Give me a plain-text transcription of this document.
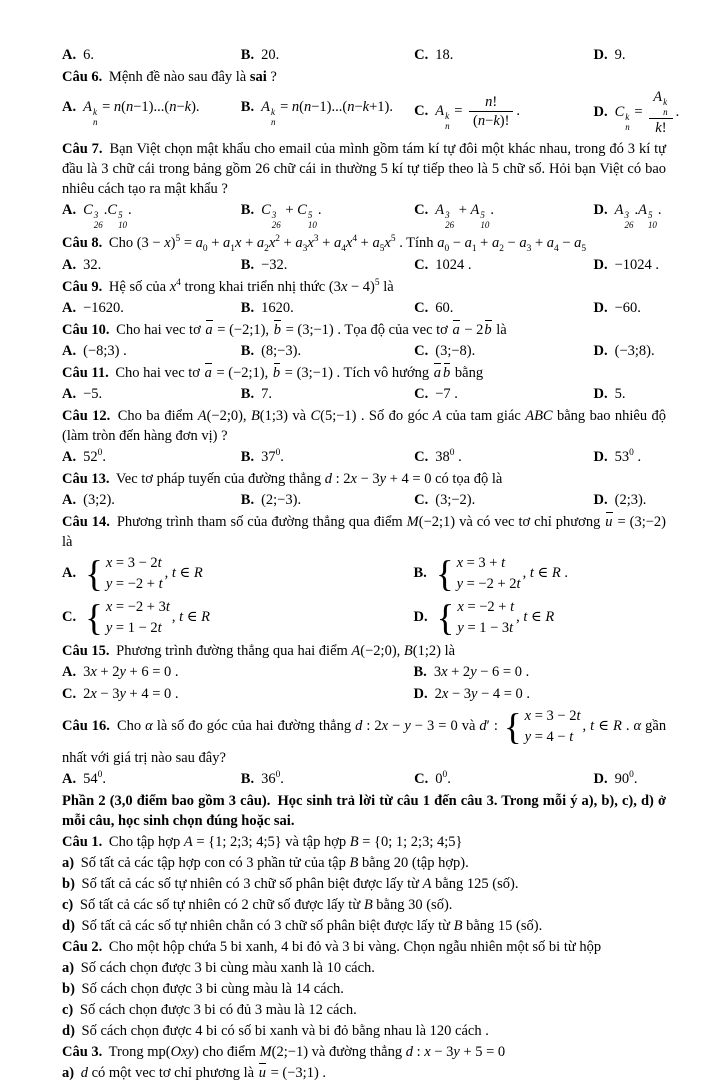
A. 6.	B. 20.	C. 18.	D. 9.

Câu 6. Mệnh đề nào sau đây là sai ?

A. A k
n
= n(n−1)...(n−k).	B. A k
n
= n(n−1)...(n−k+1).	C. A k
n
= $\frac{n!}{(n-k)!}$ .	D. C k
n
= A k
n
k! .

Câu 7. Bạn Việt chọn mật khẩu cho email của mình gồm tám kí tự đôi một khác nhau, trong đó 3 kí tự đầu là 3 chữ cái trong bảng gồm 26 chữ cái in thường 5 kí tự tiếp theo là 5 chữ số. Hỏi bạn Việt có bao nhiêu cách tạo ra mật khẩu ?

A. C 3
26
.C 5
10
.	B. C 3
26
+ C 5
10
.	C. A 3
26
+ A 5
10
.	D. A 3
26
.A 5
10
.

Câu 8. Cho $(3 - x)^5 = a_0 + a_1x + a_2x^2 + a_3x^3 + a_4x^4 + a_5x^5$ . Tính $a_0 - a_1 + a_2 - a_3 + a_4 - a_5$

A. 32.	B. −32.	C. 1024 .	D. −1024 .

Câu 9. Hệ số của $x^4$ trong khai triển nhị thức $(3x - 4)^5$ là

A. −1620.	B. 1620.	C. 60.	D. −60.

Câu 10. Cho hai vec tơ a = (−2;1), b = (3;−1) . Tọa độ của vec tơ a − 2b là

A. (−8;3) .	B. (8;−3).	C. (3;−8).	D. (−3;8).

Câu 11. Cho hai vec tơ a = (−2;1), b = (3;−1) . Tích vô hướng a b bằng

A. −5.	B. 7.	C. −7 .	D. 5.

Câu 12. Cho ba điểm A(−2;0), B(1;3) và C(5;−1) . Số đo góc A của tam giác ABC bằng bao nhiêu độ (làm tròn đến hàng đơn vị) ?

A. $52^0$.	B. $37^0$.	C. $38^0$ .	D. $53^0$ .

Câu 13. Vec tơ pháp tuyến của đường thẳng d : 2x − 3y + 4 = 0 có tọa độ là

A. (3;2).	B. (2;−3).	C. (3;−2).	D. (2;3).

Câu 14. Phương trình tham số của đường thẳng qua điểm M(−2;1) và có vec tơ chỉ phương u = (3;−2) là

A. { x = 3 − 2t
y = −2 + t
, t ∈ R	B. { x = 3 + t
y = −2 + 2t
, t ∈ R .
C. { x = −2 + 3t
y = 1 − 2t
, t ∈ R	D. { x = −2 + t
y = 1 − 3t
, t ∈ R

Câu 15. Phương trình đường thẳng qua hai điểm A(−2;0), B(1;2) là

A. 3x + 2y + 6 = 0 .	B. 3x + 2y − 6 = 0 .
C. 2x − 3y + 4 = 0 .	D. 2x − 3y − 4 = 0 .

Câu 16. Cho α là số đo góc của hai đường thẳng d : 2x − y − 3 = 0 và d′ : { x = 3 − 2t
y = 4 − t
, t ∈ R . α gần nhất với giá trị nào sau đây?

A. $54^0$.	B. $36^0$.	C. $0^0$.	D. $90^0$.

Phần 2 (3,0 điểm bao gồm 3 câu). Học sinh trả lời từ câu 1 đến câu 3. Trong mỗi ý a), b), c), d) ở mỗi câu, học sinh chọn đúng hoặc sai.

Câu 1. Cho tập hợp A = {1; 2;3; 4;5} và tập hợp B = {0; 1; 2;3; 4;5}

a) Số tất cả các tập hợp con có 3 phần tử của tập B bằng 20 (tập hợp).

b) Số tất cả các số tự nhiên có 3 chữ số phân biệt được lấy từ A bằng 125 (số).

c) Số tất cả các số tự nhiên có 2 chữ số được lấy từ B bằng 30 (số).

d) Số tất cả các số tự nhiên chẵn có 3 chữ số phân biệt được lấy từ B bằng 15 (số).

Câu 2. Cho một hộp chứa 5 bi xanh, 4 bi đỏ và 3 bi vàng. Chọn ngẫu nhiên một số bi từ hộp

a) Số cách chọn được 3 bi cùng màu xanh là 10 cách.

b) Số cách chọn được 3 bi cùng màu là 14 cách.

c) Số cách chọn được 3 bi có đủ 3 màu là 12 cách.

d) Số cách chọn được 4 bi có số bi xanh và bi đỏ bằng nhau là 120 cách .

Câu 3. Trong mp(Oxy) cho điểm M(2;−1) và đường thẳng d : x − 3y + 5 = 0

a) d có một vec tơ chỉ phương là u = (−3;1) .
